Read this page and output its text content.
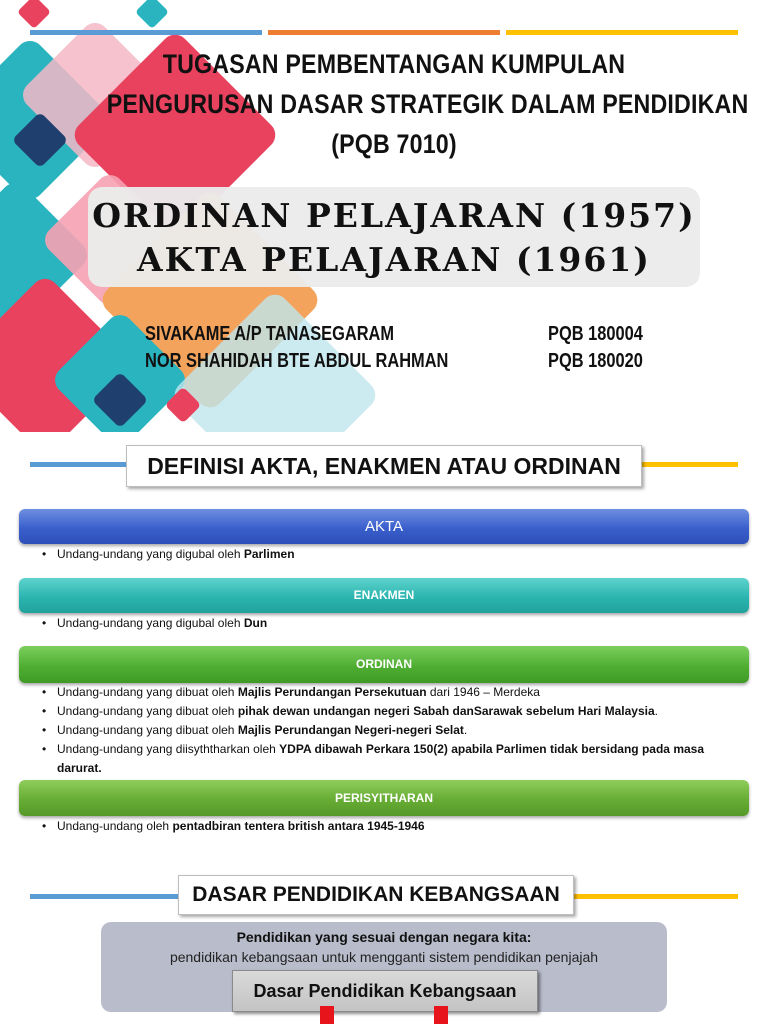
TUGASAN PEMBENTANGAN KUMPULAN
PENGURUSAN DASAR STRATEGIK DALAM PENDIDIKAN
(PQB 7010)
ORDINAN PELAJARAN (1957)
AKTA PELAJARAN (1961)
SIVAKAME A/P TANASEGARAM	PQB 180004
NOR SHAHIDAH BTE ABDUL RAHMAN	PQB 180020
DEFINISI AKTA, ENAKMEN ATAU ORDINAN
AKTA
• Undang-undang yang digubal oleh Parlimen
ENAKMEN
• Undang-undang yang digubal oleh Dun
ORDINAN
• Undang-undang yang dibuat oleh Majlis Perundangan Persekutuan dari 1946 – Merdeka
• Undang-undang yang dibuat oleh pihak dewan undangan negeri Sabah danSarawak sebelum Hari Malaysia.
• Undang-undang yang dibuat oleh Majlis Perundangan Negeri-negeri Selat.
• Undang-undang yang diisyththarkan oleh YDPA dibawah Perkara 150(2) apabila Parlimen tidak bersidang pada masa darurat.
PERISYITHARAN
• Undang-undang oleh pentadbiran tentera british antara 1945-1946
DASAR PENDIDIKAN KEBANGSAAN
Pendidikan yang sesuai dengan negara kita:
pendidikan kebangsaan untuk mengganti sistem pendidikan penjajah
Dasar Pendidikan Kebangsaan
